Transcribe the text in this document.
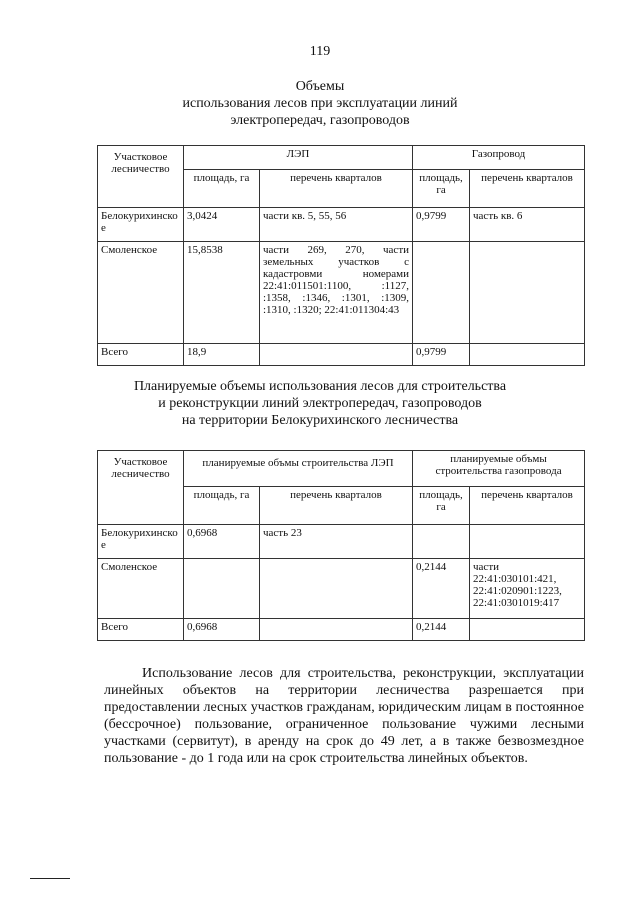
119
Объемы
использования лесов при эксплуатации линий
электропередач, газопроводов
Участковое лесничество	ЛЭП		Газопровод	
	площадь, га	перечень кварталов	площадь, га	перечень кварталов
Белокурихинское	3,0424	части кв. 5, 55, 56	0,9799	часть кв. 6
Смоленское	15,8538	части 269, 270, части земельных участков с кадастровми номерами 22:41:011501:1100, :1127, :1358, :1346, :1301, :1309, :1310, :1320; 22:41:011304:43		
Всего	18,9		0,9799	
Планируемые объемы использования лесов для строительства
и реконструкции линий электропередач, газопроводов
на территории Белокурихинского лесничества
Участковое лесничество	планируемые объмы строительства ЛЭП		планируемые объмы строительства газопровода	
	площадь, га	перечень кварталов	площадь, га	перечень кварталов
Белокурихинское	0,6968	часть 23		
Смоленское			0,2144	части 22:41:030101:421, 22:41:020901:1223, 22:41:0301019:417
Всего	0,6968		0,2144	

Использование лесов для строительства, реконструкции, эксплуатации линейных объектов на территории лесничества разрешается при предоставлении лесных участков гражданам, юридическим лицам в постоянное (бессрочное) пользование, ограниченное пользование чужими лесными участками (сервитут), в аренду на срок до 49 лет, а в также безвозмездное пользование - до 1 года или на срок строительства линейных объектов.
